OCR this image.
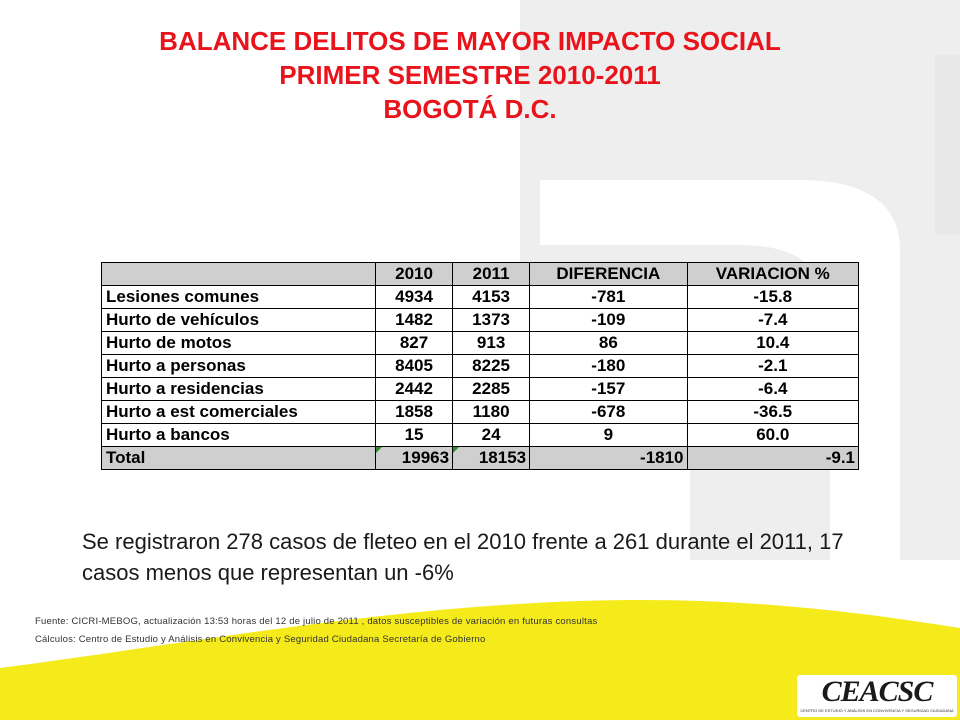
BALANCE DELITOS DE MAYOR IMPACTO SOCIAL
PRIMER SEMESTRE 2010-2011
BOGOTÁ D.C.
	2010	2011	DIFERENCIA	VARIACION %
Lesiones comunes	4934	4153	-781	-15.8
Hurto de vehículos	1482	1373	-109	-7.4
Hurto de motos	827	913	86	10.4
Hurto a personas	8405	8225	-180	-2.1
Hurto a residencias	2442	2285	-157	-6.4
Hurto a est comerciales	1858	1180	-678	-36.5
Hurto a bancos	15	24	9	60.0
Total	19963	18153	-1810	-9.1
Se registraron 278 casos de fleteo en el 2010 frente a 261 durante el 2011, 17 casos menos que representan un -6%
Fuente: CICRI-MEBOG, actualización 13:53 horas del 12 de julio de 2011 , datos susceptibles de variación en futuras consultas
Cálculos: Centro de Estudio y Análisis en Convivencia y Seguridad Ciudadana Secretaría de Gobierno
CEACSC
CENTRO DE ESTUDIO Y ANÁLISIS EN CONVIVENCIA Y SEGURIDAD CIUDADANA
